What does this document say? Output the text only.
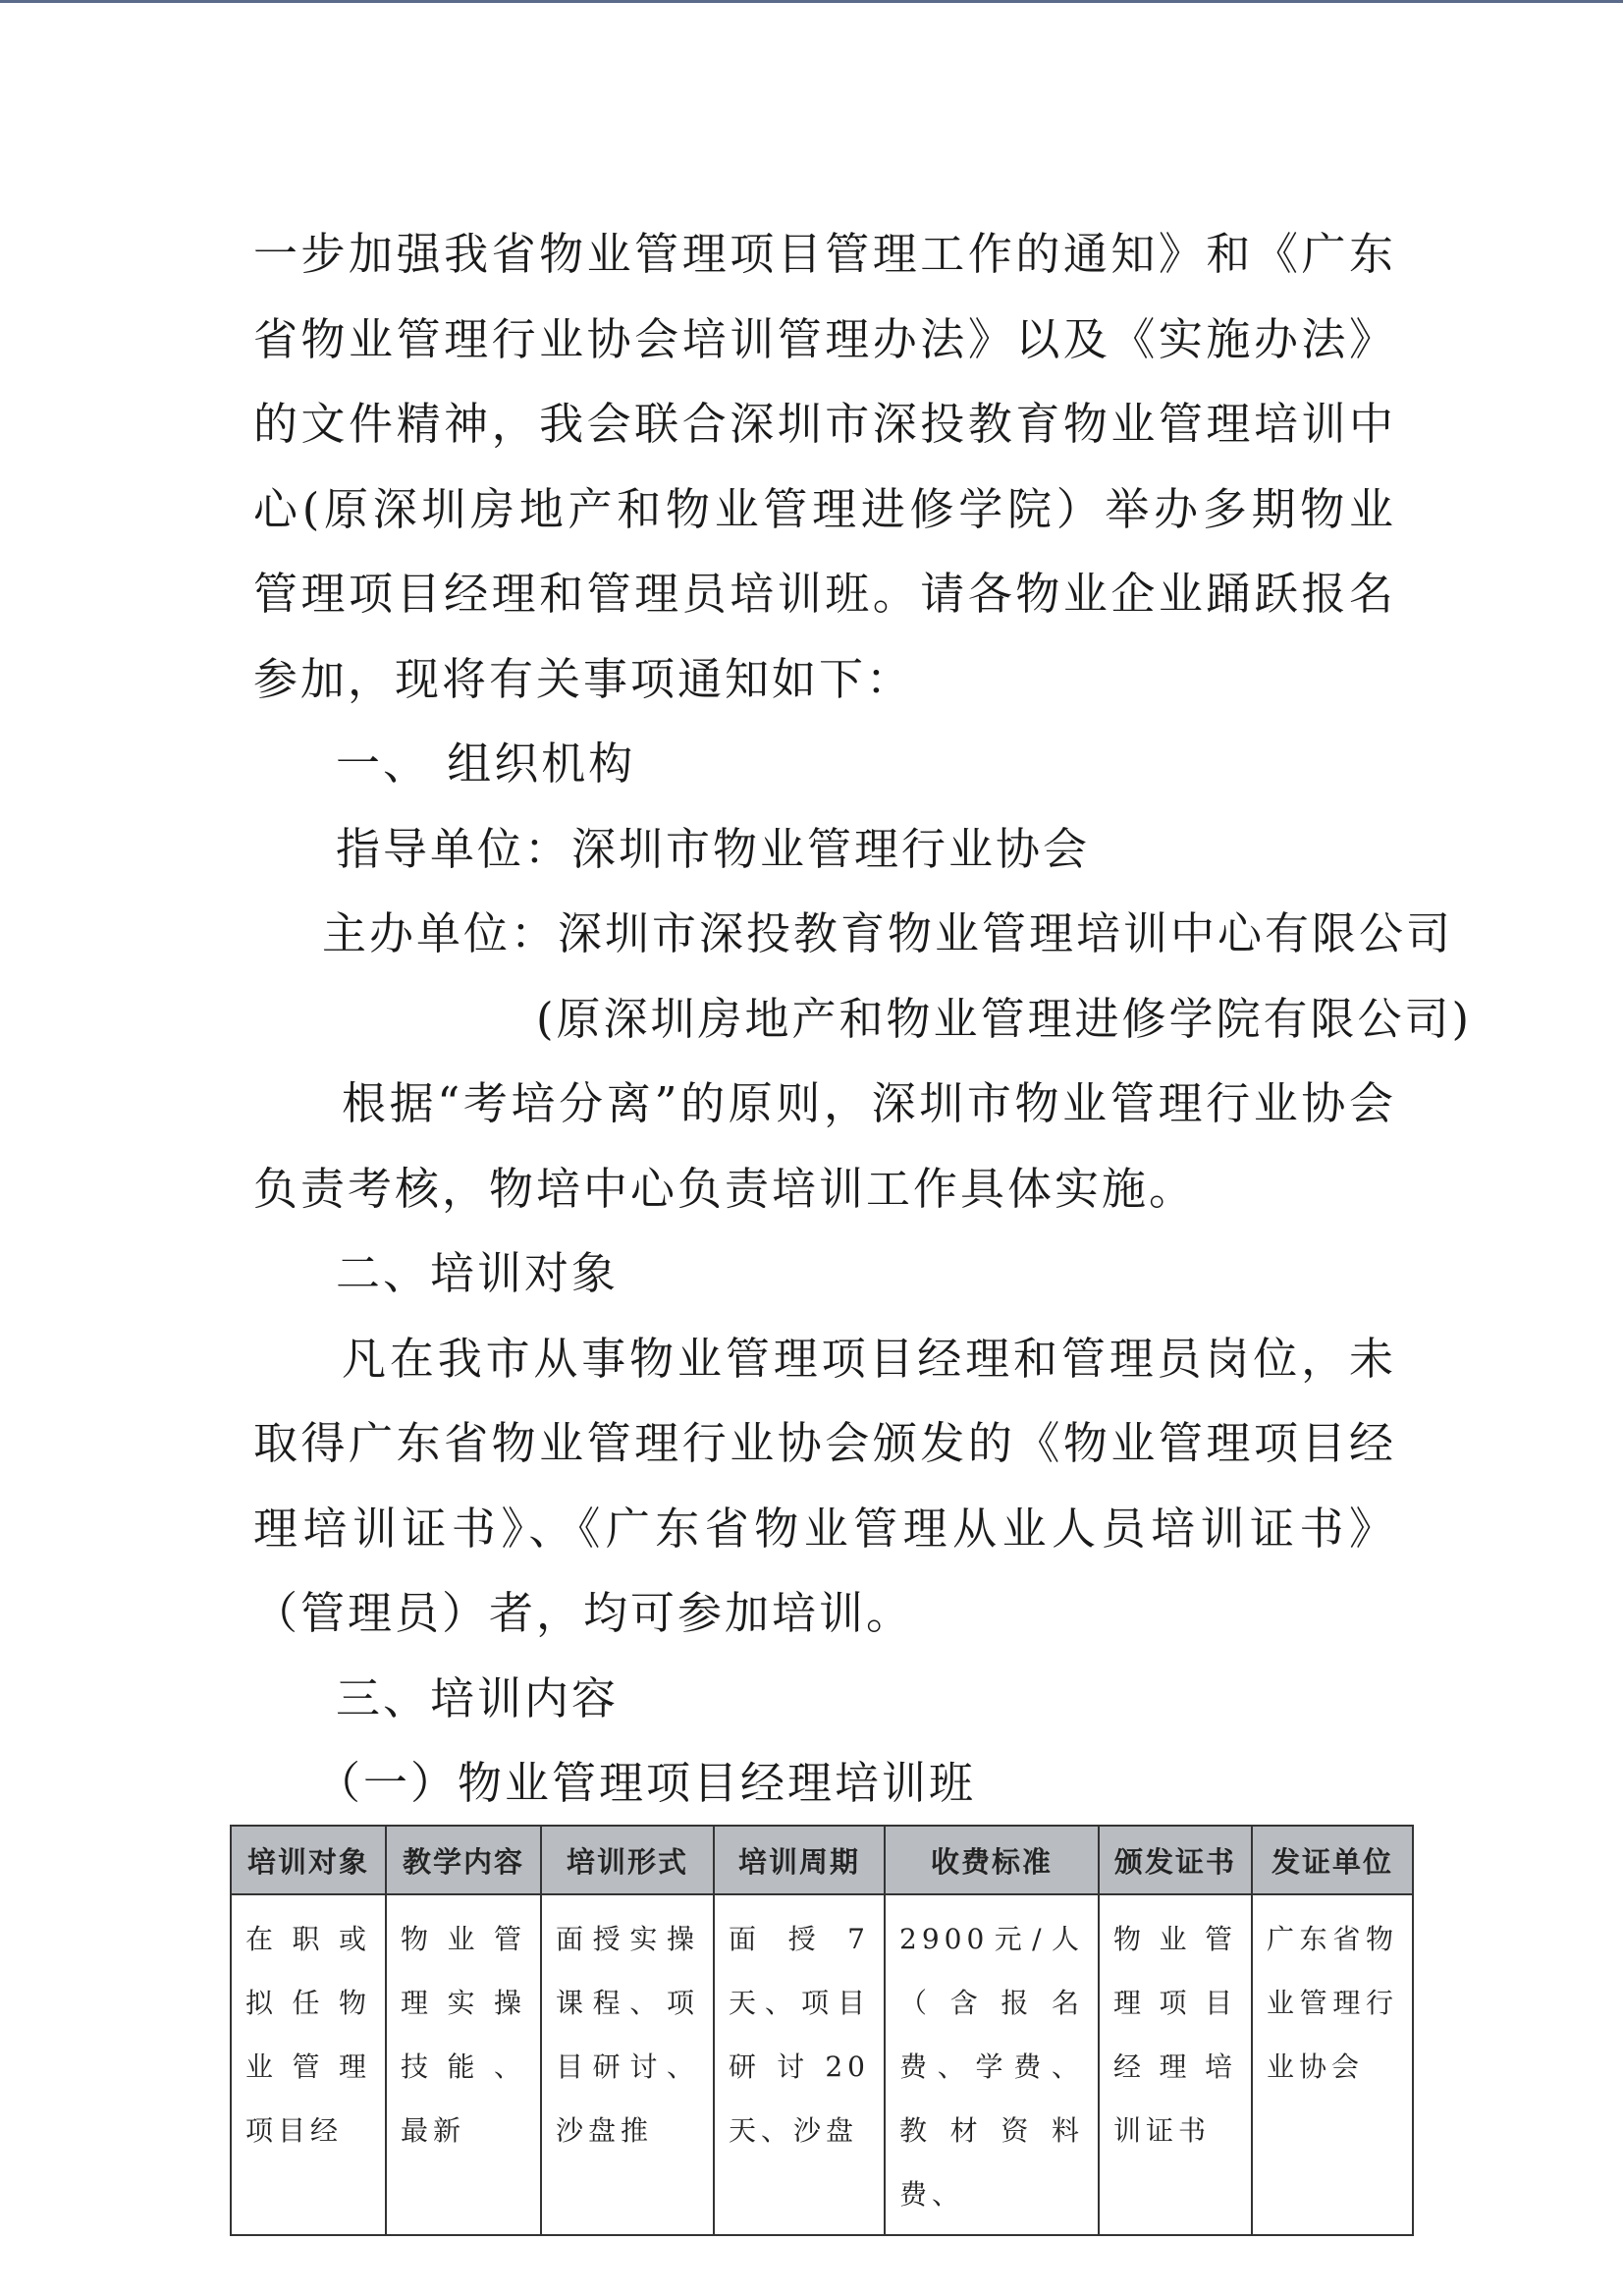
一步加强我省物业管理项目管理工作的通知》和《广东省物业管理行业协会培训管理办法》以及《实施办法》的文件精神，我会联合深圳市深投教育物业管理培训中心(原深圳房地产和物业管理进修学院）举办多期物业管理项目经理和管理员培训班。请各物业企业踊跃报名参加，现将有关事项通知如下：

一、 组织机构

指导单位：深圳市物业管理行业协会

主办单位：深圳市深投教育物业管理培训中心有限公司

(原深圳房地产和物业管理进修学院有限公司)

根据“考培分离”的原则，深圳市物业管理行业协会负责考核，物培中心负责培训工作具体实施。

二、培训对象

凡在我市从事物业管理项目经理和管理员岗位，未取得广东省物业管理行业协会颁发的《物业管理项目经理培训证书》、《广东省物业管理从业人员培训证书》（管理员）者，均可参加培训。

三、培训内容

（一）物业管理项目经理培训班

培训对象	教学内容	培训形式	培训周期	收费标准	颁发证书	发证单位
在职或拟任物业管理项目经	物业管理实操技能、最新	面授实操课程、项目研讨、沙盘推	面授7天、项目研讨20天、沙盘	2900元/人（含报名费、学费、教材资料费、	物业管理项目经理培训证书	广东省物业管理行业协会
